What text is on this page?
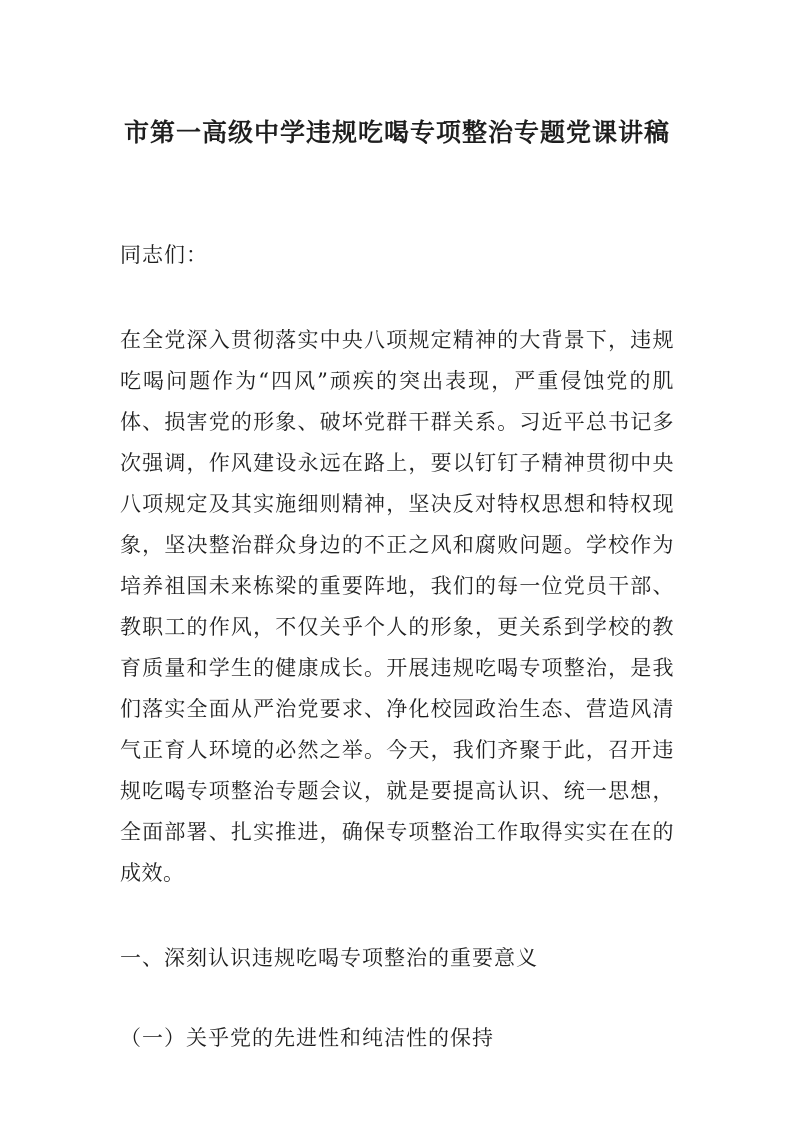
市第一高级中学违规吃喝专项整治专题党课讲稿

同志们：

在全党深入贯彻落实中央八项规定精神的大背景下，违规吃喝问题作为“四风”顽疾的突出表现，严重侵蚀党的肌体、损害党的形象、破坏党群干群关系。习近平总书记多次强调，作风建设永远在路上，要以钉钉子精神贯彻中央八项规定及其实施细则精神，坚决反对特权思想和特权现象，坚决整治群众身边的不正之风和腐败问题。学校作为培养祖国未来栋梁的重要阵地，我们的每一位党员干部、教职工的作风，不仅关乎个人的形象，更关系到学校的教育质量和学生的健康成长。开展违规吃喝专项整治，是我们落实全面从严治党要求、净化校园政治生态、营造风清气正育人环境的必然之举。今天，我们齐聚于此，召开违规吃喝专项整治专题会议，就是要提高认识、统一思想，全面部署、扎实推进，确保专项整治工作取得实实在在的成效。

一、深刻认识违规吃喝专项整治的重要意义
（一）关乎党的先进性和纯洁性的保持
